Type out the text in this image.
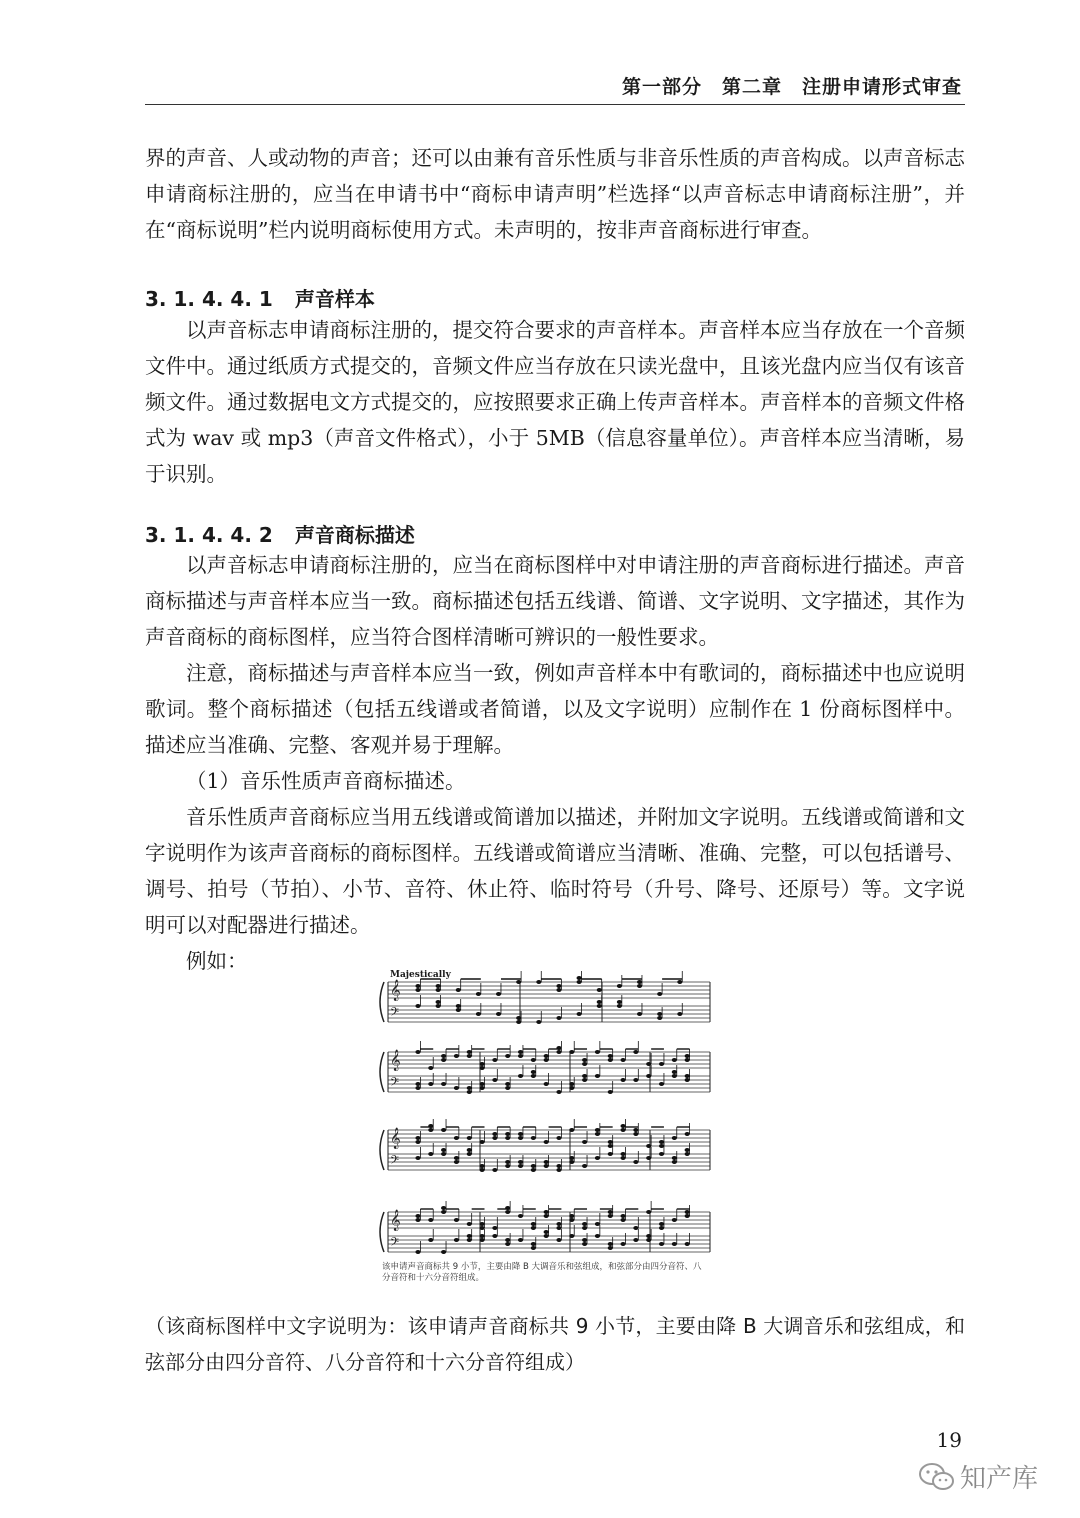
第一部分　第二章　注册申请形式审查

界的声音、人或动物的声音；还可以由兼有音乐性质与非音乐性质的声音构成。以声音标志申请商标注册的，应当在申请书中“商标申请声明”栏选择“以声音标志申请商标注册”，并在“商标说明”栏内说明商标使用方式。未声明的，按非声音商标进行审查。

3. 1. 4. 4. 1 声音样本

以声音标志申请商标注册的，提交符合要求的声音样本。声音样本应当存放在一个音频文件中。通过纸质方式提交的，音频文件应当存放在只读光盘中，且该光盘内应当仅有该音频文件。通过数据电文方式提交的，应按照要求正确上传声音样本。声音样本的音频文件格式为 wav 或 mp3（声音文件格式），小于 5MB（信息容量单位）。声音样本应当清晰，易于识别。

3. 1. 4. 4. 2 声音商标描述

以声音标志申请商标注册的，应当在商标图样中对申请注册的声音商标进行描述。声音商标描述与声音样本应当一致。商标描述包括五线谱、简谱、文字说明、文字描述，其作为声音商标的商标图样，应当符合图样清晰可辨识的一般性要求。

注意，商标描述与声音样本应当一致，例如声音样本中有歌词的，商标描述中也应说明歌词。整个商标描述（包括五线谱或者简谱，以及文字说明）应制作在 1 份商标图样中。描述应当准确、完整、客观并易于理解。

（1）音乐性质声音商标描述。

音乐性质声音商标应当用五线谱或简谱加以描述，并附加文字说明。五线谱或简谱和文字说明作为该声音商标的商标图样。五线谱或简谱应当清晰、准确、完整，可以包括谱号、调号、拍号（节拍）、小节、音符、休止符、临时符号（升号、降号、还原号）等。文字说明可以对配器进行描述。

例如：

𝄞
𝄢
𝄞
𝄢
𝄞
𝄢
𝄞
𝄢
Majestically
该申请声音商标共 9 小节，主要由降 B 大调音乐和弦组成，和弦部分由四分音符、八分音符和十六分音符组成。
（该商标图样中文字说明为：该申请声音商标共 9 小节，主要由降 B 大调音乐和弦组成，和弦部分由四分音符、八分音符和十六分音符组成）
19
知产库
